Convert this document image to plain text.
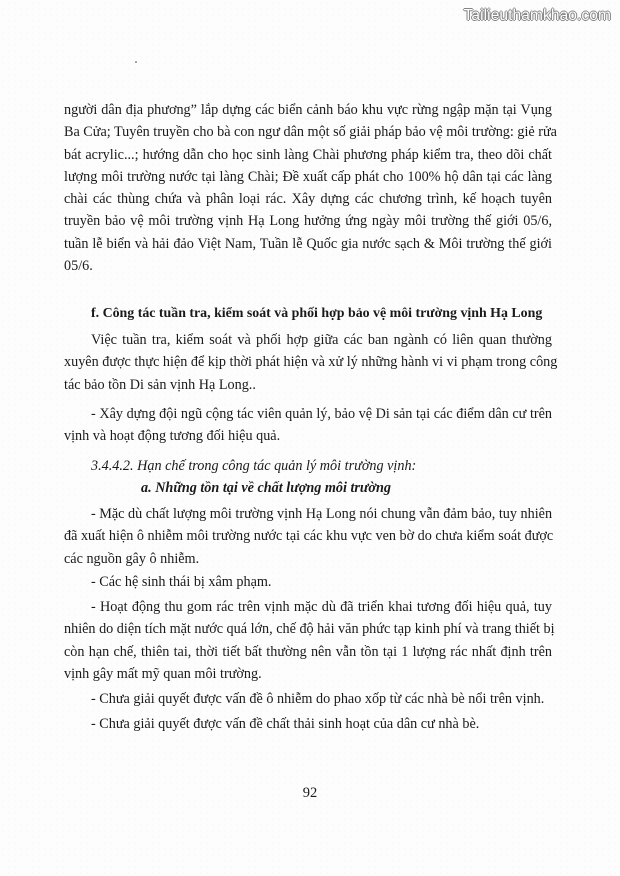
Tailieuthamkhao.com
người dân địa phương” lắp dựng các biển cảnh báo khu vực rừng ngập mặn tại Vụng
Ba Cửa; Tuyên truyền cho bà con ngư dân một số giải pháp bảo vệ môi trường: giẻ rửa
bát acrylic...; hướng dẫn cho học sinh làng Chài phương pháp kiểm tra, theo dõi chất
lượng môi trường nước tại làng Chài; Đề xuất cấp phát cho 100% hộ dân tại các làng
chài các thùng chứa và phân loại rác. Xây dựng các chương trình, kế hoạch tuyên
truyền bảo vệ môi trường vịnh Hạ Long hưởng ứng ngày môi trường thế giới 05/6,
tuần lễ biển và hải đảo Việt Nam, Tuần lễ Quốc gia nước sạch & Môi trường thế giới
05/6.
f. Công tác tuần tra, kiểm soát và phối hợp bảo vệ môi trường vịnh Hạ Long
Việc tuần tra, kiểm soát và phối hợp giữa các ban ngành có liên quan thường
xuyên được thực hiện để kịp thời phát hiện và xử lý những hành vi vi phạm trong công
tác bảo tồn Di sản vịnh Hạ Long..
- Xây dựng đội ngũ cộng tác viên quản lý, bảo vệ Di sản tại các điểm dân cư trên
vịnh và hoạt động tương đối hiệu quả.
3.4.4.2. Hạn chế trong công tác quản lý môi trường vịnh:
a. Những tồn tại về chất lượng môi trường
- Mặc dù chất lượng môi trường vịnh Hạ Long nói chung vẫn đảm bảo, tuy nhiên
đã xuất hiện ô nhiễm môi trường nước tại các khu vực ven bờ do chưa kiểm soát được
các nguồn gây ô nhiễm.
- Các hệ sinh thái bị xâm phạm.
- Hoạt động thu gom rác trên vịnh mặc dù đã triển khai tương đối hiệu quả, tuy
nhiên do diện tích mặt nước quá lớn, chế độ hải văn phức tạp kinh phí và trang thiết bị
còn hạn chế, thiên tai, thời tiết bất thường nên vẫn tồn tại 1 lượng rác nhất định trên
vịnh gây mất mỹ quan môi trường.
- Chưa giải quyết được vấn đề ô nhiễm do phao xốp từ các nhà bè nổi trên vịnh.
- Chưa giải quyết được vấn đề chất thải sinh hoạt của dân cư nhà bè.
92
